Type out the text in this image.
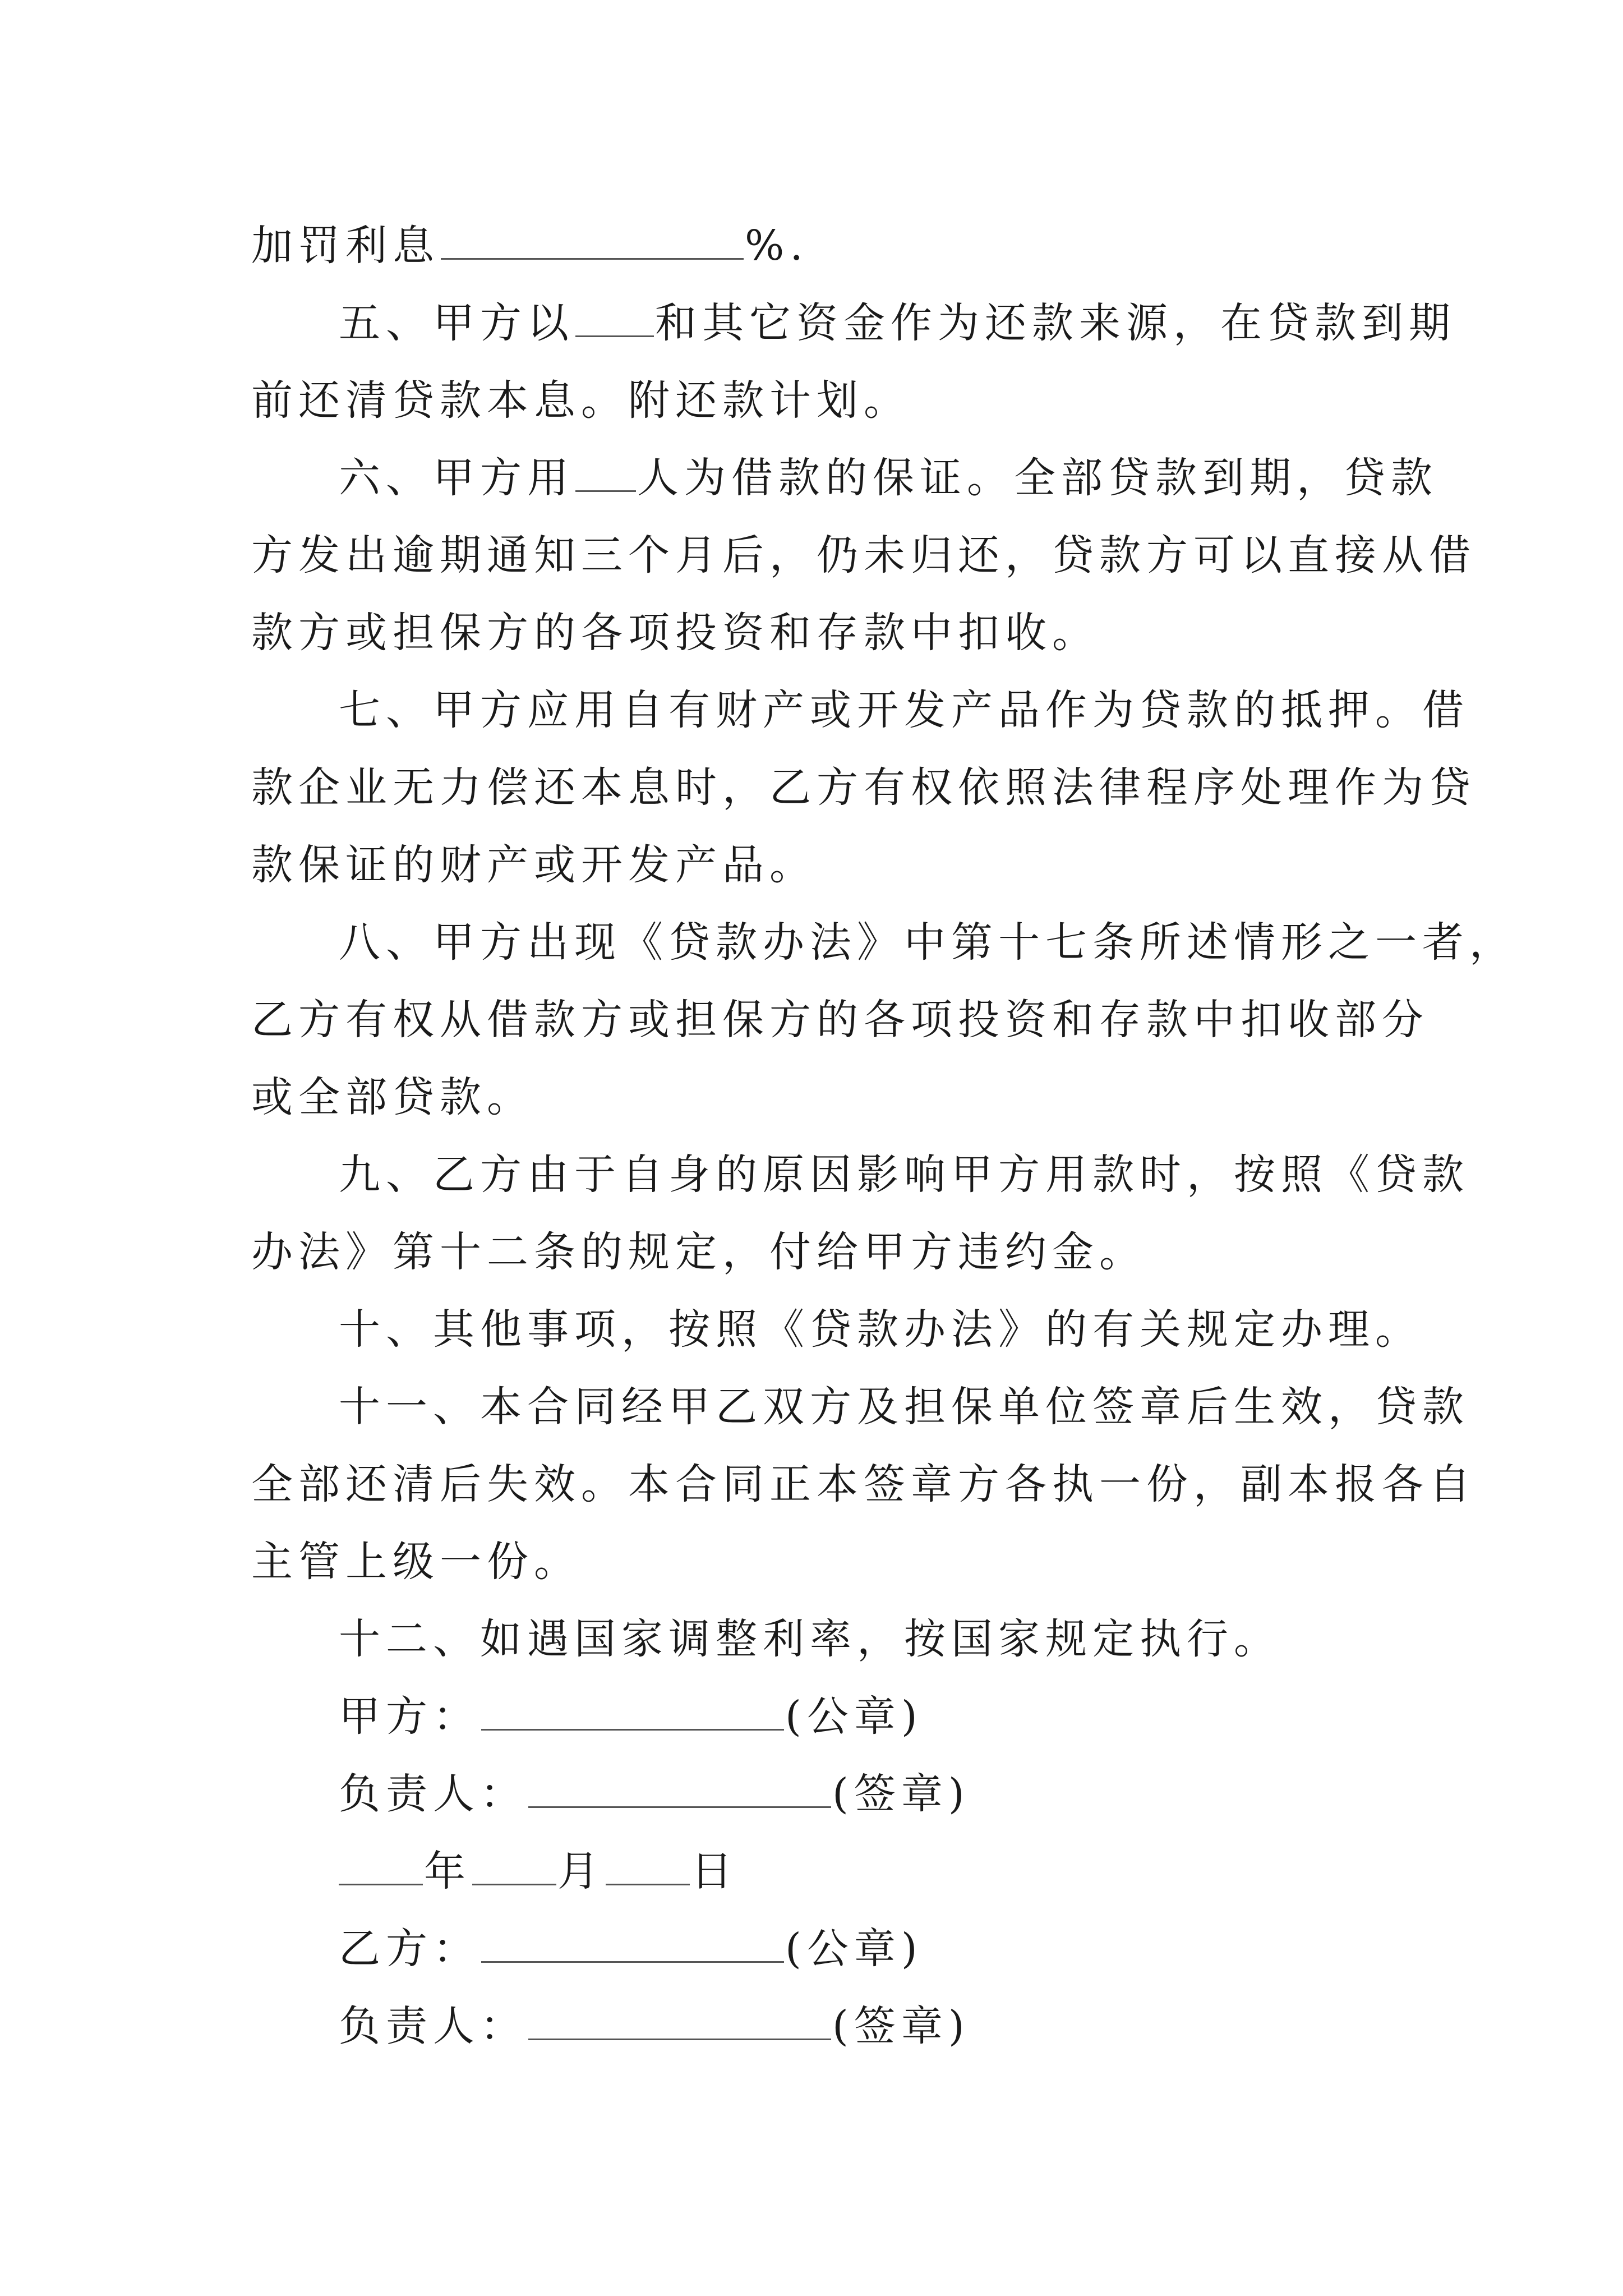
加罚利息	%.
五、甲方以 和其它资金作为还款来源，在贷款到期
前还清贷款本息。附还款计划。
六、甲方用 人为借款的保证。全部贷款到期，贷款
方发出逾期通知三个月后，仍未归还，贷款方可以直接从借
款方或担保方的各项投资和存款中扣收。
七、甲方应用自有财产或开发产品作为贷款的抵押。借
款企业无力偿还本息时，乙方有权依照法律程序处理作为贷
款保证的财产或开发产品。
八、甲方出现《贷款办法》中第十七条所述情形之一者，
乙方有权从借款方或担保方的各项投资和存款中扣收部分
或全部贷款。
九、乙方由于自身的原因影响甲方用款时，按照《贷款
办法》第十二条的规定，付给甲方违约金。
十、其他事项，按照《贷款办法》的有关规定办理。
十一、本合同经甲乙双方及担保单位签章后生效，贷款
全部还清后失效。本合同正本签章方各执一份，副本报各自
主管上级一份。
十二、如遇国家调整利率，按国家规定执行。
甲方：	(公章)
负责人：	(签章)
年 月 日
乙方：	(公章)
负责人：	(签章)
